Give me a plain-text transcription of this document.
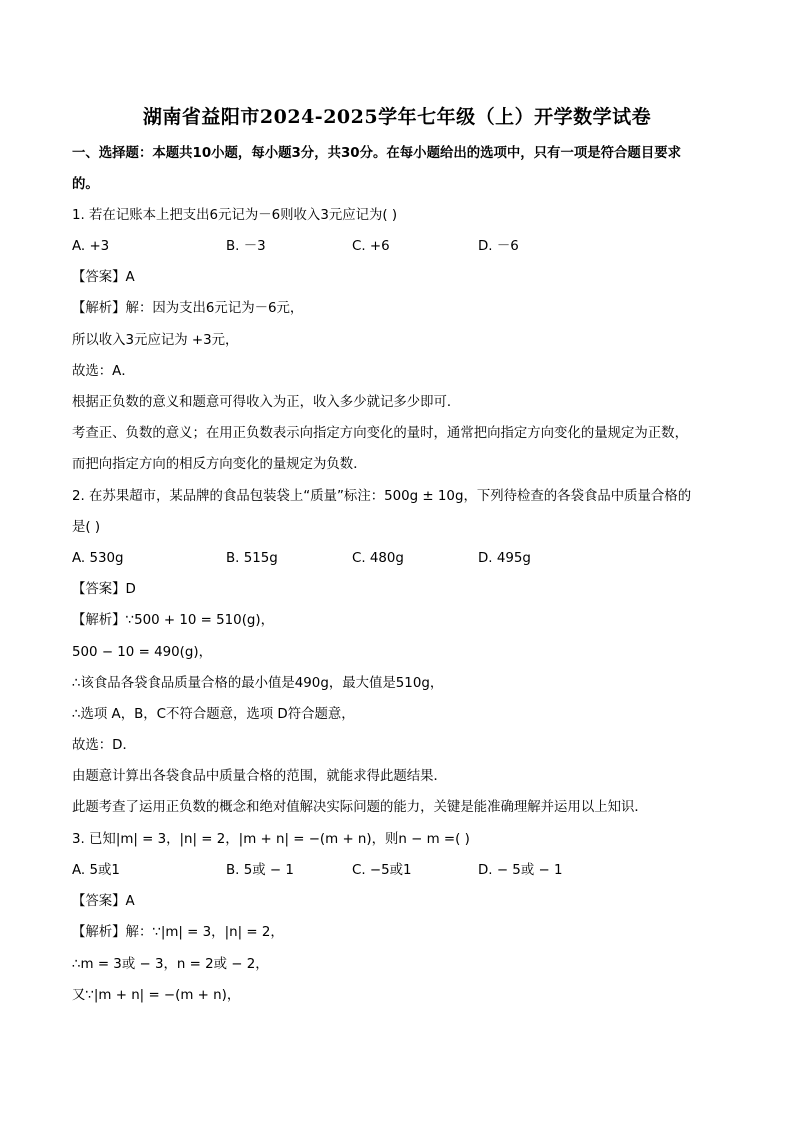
湖南省益阳市2024-2025学年七年级（上）开学数学试卷
一、选择题：本题共10小题，每小题3分，共30分。在每小题给出的选项中，只有一项是符合题目要求
的。
1. 若在记账本上把支出6元记为－6则收入3元应记为( )
A. +3	B. －3	C. +6	D. －6
【答案】A
【解析】解：因为支出6元记为－6元，
所以收入3元应记为 +3元，
故选：A．
根据正负数的意义和题意可得收入为正，收入多少就记多少即可．
考查正、负数的意义；在用正负数表示向指定方向变化的量时，通常把向指定方向变化的量规定为正数，
而把向指定方向的相反方向变化的量规定为负数．
2. 在苏果超市，某品牌的食品包装袋上“质量”标注：500g ± 10g，下列待检查的各袋食品中质量合格的
是( )
A. 530g	B. 515g	C. 480g	D. 495g
【答案】D
【解析】∵500 + 10 = 510(g)，
500 − 10 = 490(g)，
∴该食品各袋食品质量合格的最小值是490g，最大值是510g，
∴选项 A，B，C不符合题意，选项 D符合题意，
故选：D．
由题意计算出各袋食品中质量合格的范围，就能求得此题结果．
此题考查了运用正负数的概念和绝对值解决实际问题的能力，关键是能准确理解并运用以上知识．
3. 已知|m| = 3，|n| = 2，|m + n| = −(m + n)，则n − m =( )
A. 5或1	B. 5或 − 1	C. −5或1	D. − 5或 − 1
【答案】A
【解析】解：∵|m| = 3，|n| = 2，
∴m = 3或 − 3，n = 2或 − 2，
又∵|m + n| = −(m + n)，
